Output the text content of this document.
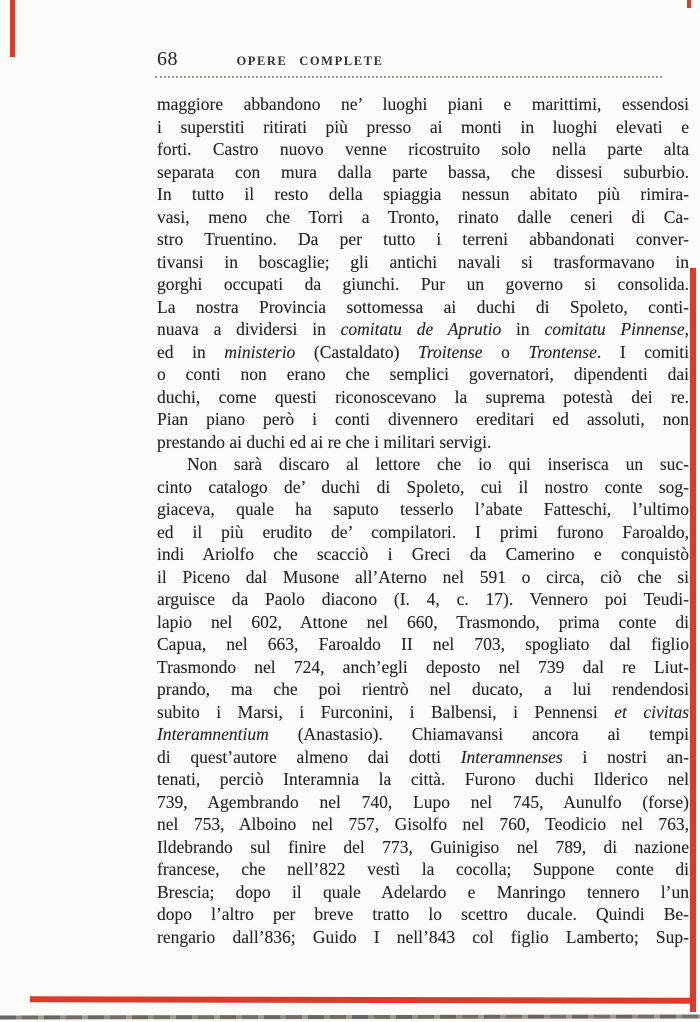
68	OPERE COMPLETE
maggiore abbandono ne’ luoghi piani e marittimi, essendosi
i superstiti ritirati più presso ai monti in luoghi elevati e
forti. Castro nuovo venne ricostruito solo nella parte alta
separata con mura dalla parte bassa, che dissesi suburbio.
In tutto il resto della spiaggia nessun abitato più rimira-
vasi, meno che Torri a Tronto, rinato dalle ceneri di Ca-
stro Truentino. Da per tutto i terreni abbandonati conver-
tivansi in boscaglie; gli antichi navali si trasformavano in
gorghi occupati da giunchi. Pur un governo si consolida.
La nostra Provincia sottomessa ai duchi di Spoleto, conti-
nuava a dividersi in comitatu de Aprutio in comitatu Pinnense,
ed in ministerio (Castaldato) Troitense o Trontense. I comiti
o conti non erano che semplici governatori, dipendenti dai
duchi, come questi riconoscevano la suprema potestà dei re.
Pian piano però i conti divennero ereditari ed assoluti, non
prestando ai duchi ed ai re che i militari servigi.
Non sarà discaro al lettore che io qui inserisca un suc-
cinto catalogo de’ duchi di Spoleto, cui il nostro conte sog-
giaceva, quale ha saputo tesserlo l’abate Fatteschi, l’ultimo
ed il più erudito de’ compilatori. I primi furono Faroaldo,
indi Ariolfo che scacciò i Greci da Camerino e conquistò
il Piceno dal Musone all’Aterno nel 591 o circa, ciò che si
arguisce da Paolo diacono (I. 4, c. 17). Vennero poi Teudi-
lapio nel 602, Attone nel 660, Trasmondo, prima conte di
Capua, nel 663, Faroaldo II nel 703, spogliato dal figlio
Trasmondo nel 724, anch’egli deposto nel 739 dal re Liut-
prando, ma che poi rientrò nel ducato, a lui rendendosi
subito i Marsi, i Furconini, i Balbensi, i Pennensi et civitas
Interamnentium (Anastasio). Chiamavansi ancora ai tempi
di quest’autore almeno dai dotti Interamnenses i nostri an-
tenati, perciò Interamnia la città. Furono duchi Ilderico nel
739, Agembrando nel 740, Lupo nel 745, Aunulfo (forse)
nel 753, Alboino nel 757, Gisolfo nel 760, Teodicio nel 763,
Ildebrando sul finire del 773, Guinigiso nel 789, di nazione
francese, che nell’822 vestì la cocolla; Suppone conte di
Brescia; dopo il quale Adelardo e Manringo tennero l’un
dopo l’altro per breve tratto lo scettro ducale. Quindi Be-
rengario dall’836; Guido I nell’843 col figlio Lamberto; Sup-
